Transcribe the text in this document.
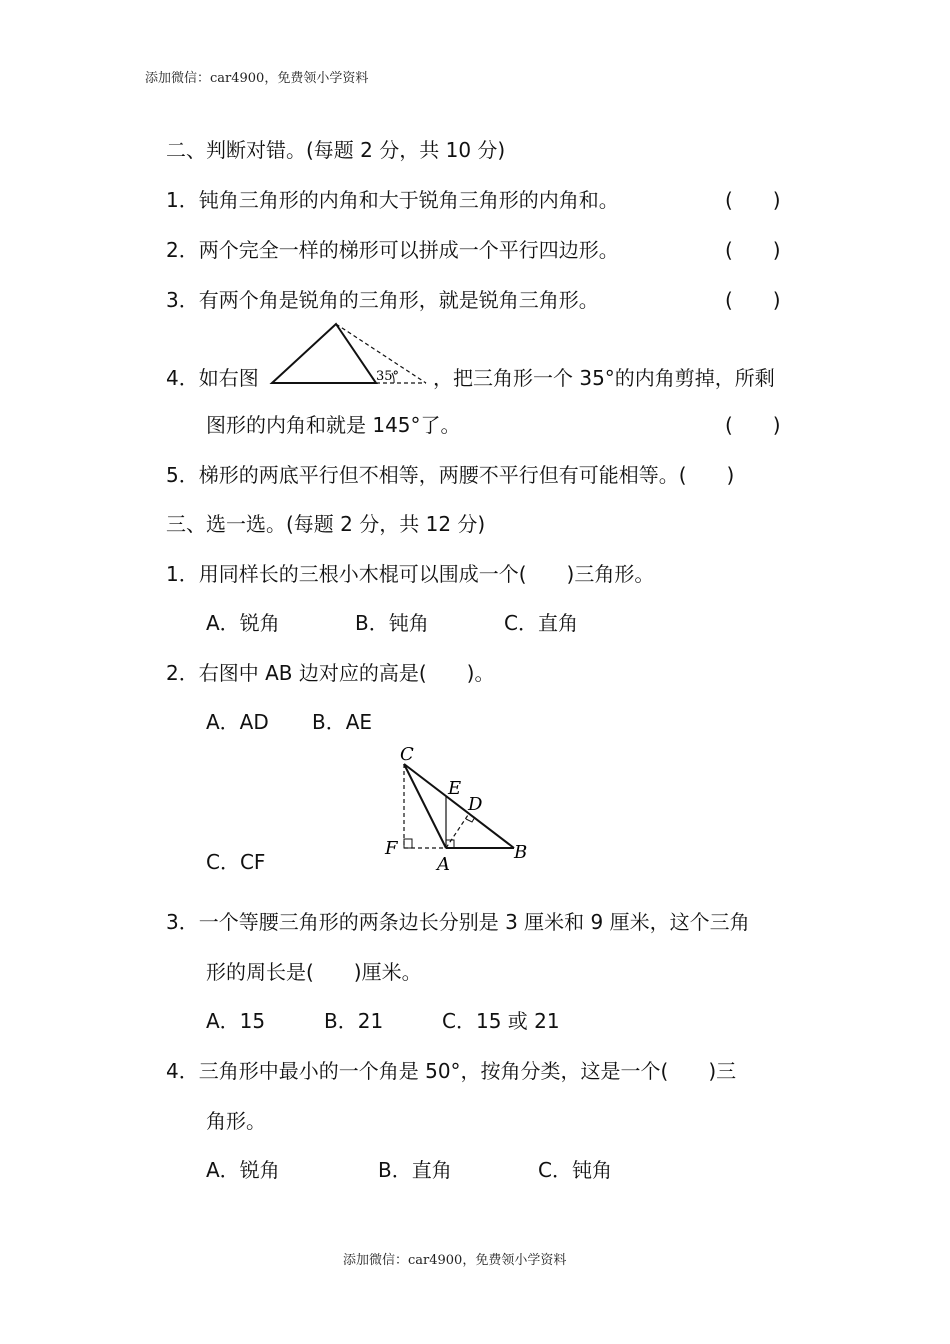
添加微信：car4900，免费领小学资料
二、判断对错。(每题 2 分，共 10 分)
1．钝角三角形的内角和大于锐角三角形的内角和。	(　　)
2．两个完全一样的梯形可以拼成一个平行四边形。	(　　)
3．有两个角是锐角的三角形，就是锐角三角形。	(　　)
4．如右图	35° ，把三角形一个 35°的内角剪掉，所剩
图形的内角和就是 145°了。	(　　)
5．梯形的两底平行但不相等，两腰不平行但有可能相等。(　　)
三、选一选。(每题 2 分，共 12 分)
1．用同样长的三根小木棍可以围成一个(　　)三角形。
A．锐角	B．钝角	C．直角
2．右图中 AB 边对应的高是(　　)。
A．AD B．AE
C．CF
C
E
D
F
A
B
3．一个等腰三角形的两条边长分别是 3 厘米和 9 厘米，这个三角
形的周长是(　　)厘米。
A．15	B．21	C．15 或 21
4．三角形中最小的一个角是 50°，按角分类，这是一个(　　)三
角形。
A．锐角	B．直角	C．钝角
添加微信：car4900，免费领小学资料
